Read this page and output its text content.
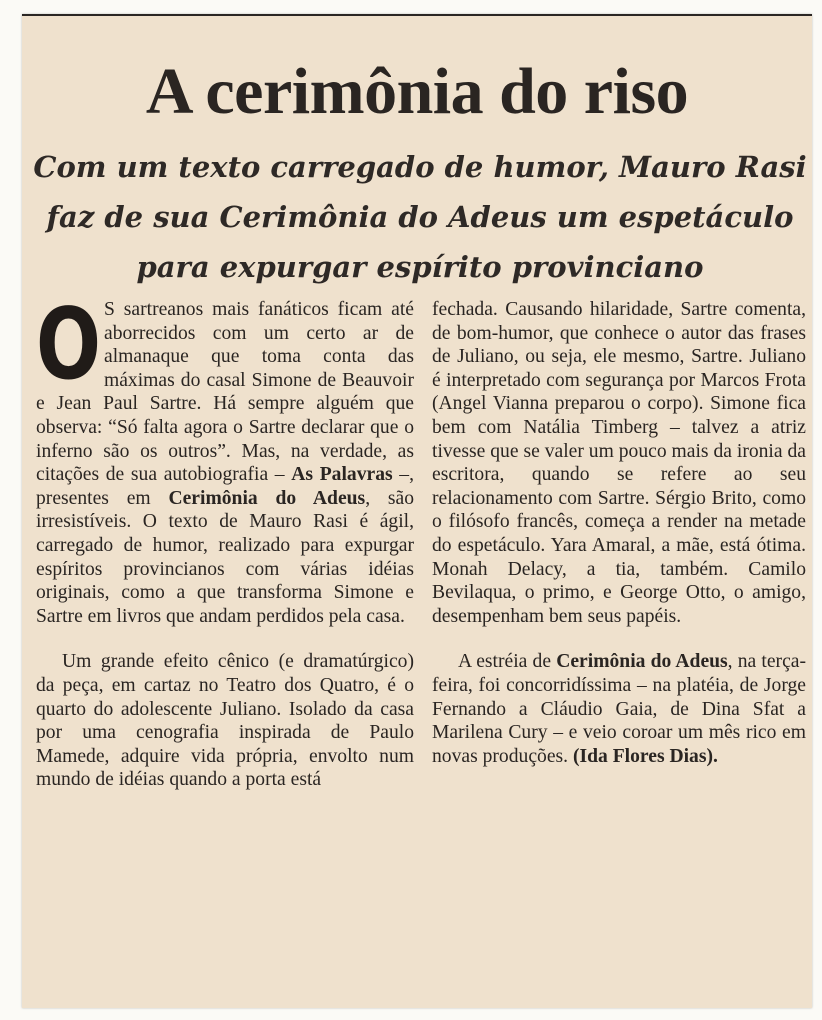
A cerimônia do riso

Com um texto carregado de humor, Mauro Rasi faz de sua Cerimônia do Adeus um espetáculo para expurgar espírito provinciano

O S sartreanos mais fanáticos ficam até aborrecidos com um certo ar de almanaque que toma conta das máximas do casal Simone de Beauvoir e Jean Paul Sartre. Há sempre alguém que observa: “Só falta agora o Sartre declarar que o inferno são os outros”. Mas, na verdade, as citações de sua autobiografia – As Palavras –, presentes em Cerimônia do Adeus, são irresistíveis. O texto de Mauro Rasi é ágil, carregado de humor, realizado para expurgar espíritos provincianos com várias idéias originais, como a que transforma Simone e Sartre em livros que andam perdidos pela casa.

Um grande efeito cênico (e dramatúrgico) da peça, em cartaz no Teatro dos Quatro, é o quarto do adolescente Juliano. Isolado da casa por uma cenografia inspirada de Paulo Mamede, adquire vida própria, envolto num mundo de idéias quando a porta está

fechada. Causando hilaridade, Sartre comenta, de bom-humor, que conhece o autor das frases de Juliano, ou seja, ele mesmo, Sartre. Juliano é interpretado com segurança por Marcos Frota (Angel Vianna preparou o corpo). Simone fica bem com Natália Timberg – talvez a atriz tivesse que se valer um pouco mais da ironia da escritora, quando se refere ao seu relacionamento com Sartre. Sérgio Brito, como o filósofo francês, começa a render na metade do espetáculo. Yara Amaral, a mãe, está ótima. Monah Delacy, a tia, também. Camilo Bevilaqua, o primo, e George Otto, o amigo, desempenham bem seus papéis.

A estréia de Cerimônia do Adeus, na terça-feira, foi concorridíssima – na platéia, de Jorge Fernando a Cláudio Gaia, de Dina Sfat a Marilena Cury – e veio coroar um mês rico em novas produções. (Ida Flores Dias).
